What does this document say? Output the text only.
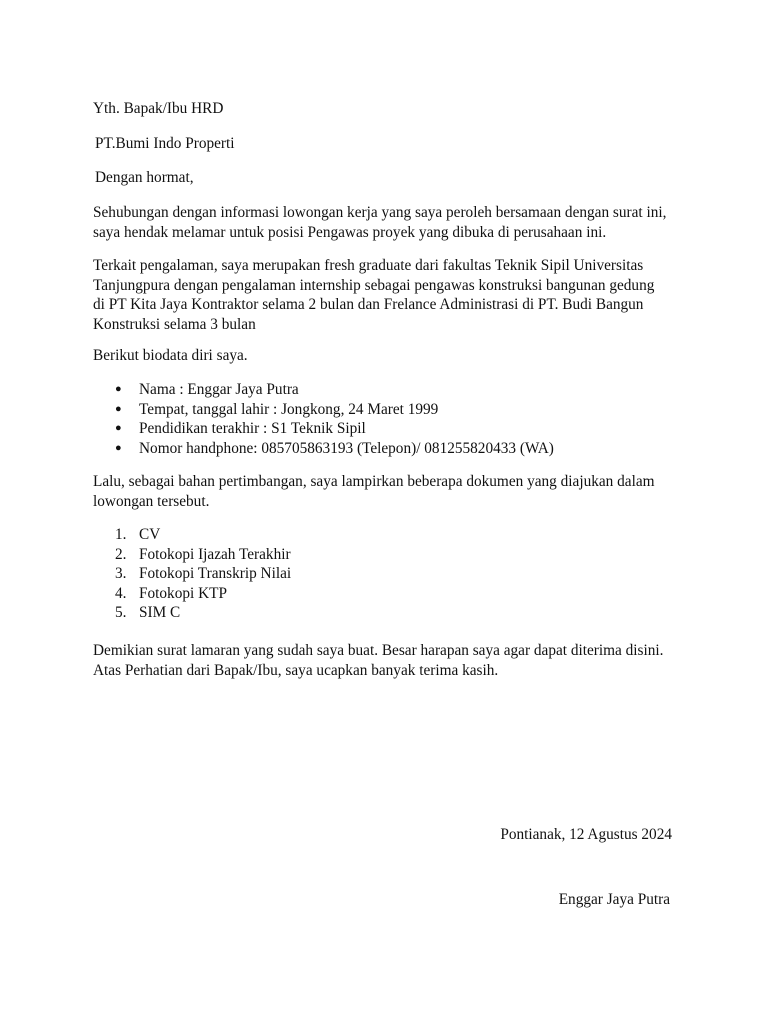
Yth. Bapak/Ibu HRD
PT.Bumi Indo Properti
Dengan hormat,
Sehubungan dengan informasi lowongan kerja yang saya peroleh bersamaan dengan surat ini,
saya hendak melamar untuk posisi Pengawas proyek yang dibuka di perusahaan ini.
Terkait pengalaman, saya merupakan fresh graduate dari fakultas Teknik Sipil Universitas
Tanjungpura dengan pengalaman internship sebagai pengawas konstruksi bangunan gedung
di PT Kita Jaya Kontraktor selama 2 bulan dan Frelance Administrasi di PT. Budi Bangun
Konstruksi selama 3 bulan
Berikut biodata diri saya.
● Nama : Enggar Jaya Putra
● Tempat, tanggal lahir : Jongkong, 24 Maret 1999
● Pendidikan terakhir : S1 Teknik Sipil
● Nomor handphone: 085705863193 (Telepon)/ 081255820433 (WA)
Lalu, sebagai bahan pertimbangan, saya lampirkan beberapa dokumen yang diajukan dalam
lowongan tersebut.
1. CV
2. Fotokopi Ijazah Terakhir
3. Fotokopi Transkrip Nilai
4. Fotokopi KTP
5. SIM C
Demikian surat lamaran yang sudah saya buat. Besar harapan saya agar dapat diterima disini.
Atas Perhatian dari Bapak/Ibu, saya ucapkan banyak terima kasih.
Pontianak, 12 Agustus 2024
Enggar Jaya Putra
